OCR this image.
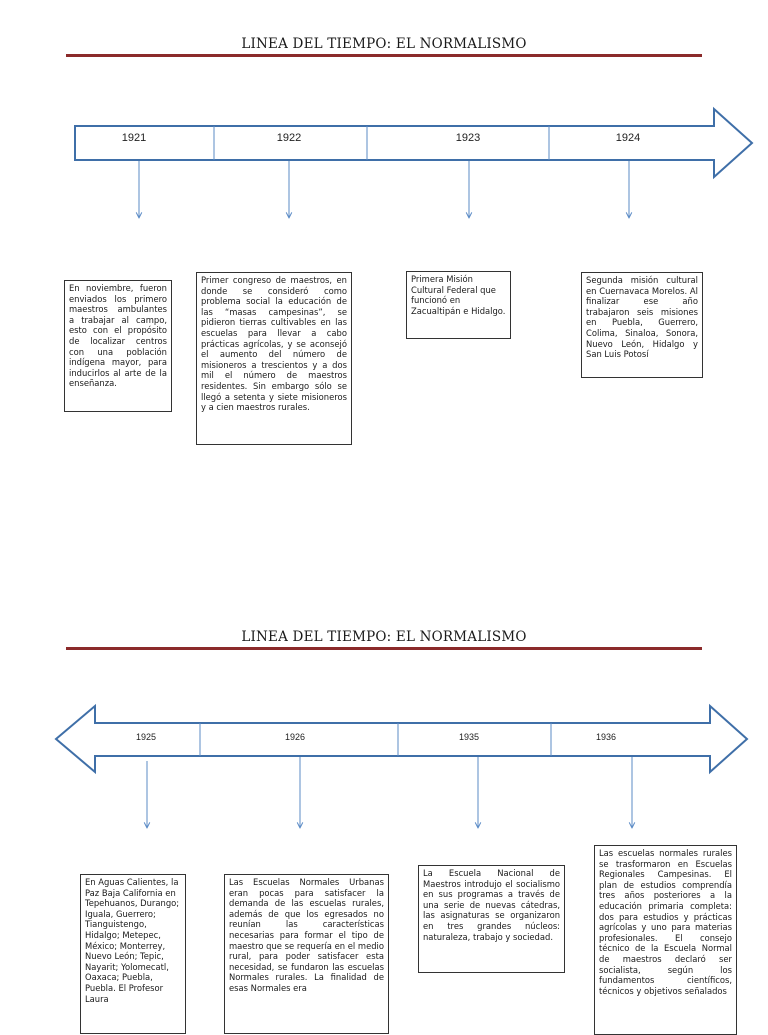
LINEA DEL TIEMPO: EL NORMALISMO
1921	1922	1923	1924
En noviembre, fueron enviados los primero maestros ambulantes a trabajar al campo, esto con el propósito de localizar centros con una población indígena mayor, para inducirlos al arte de la enseñanza.
Primer congreso de maestros, en donde se consideró como problema social la educación de las “masas campesinas”, se pidieron tierras cultivables en las escuelas para llevar a cabo prácticas agrícolas, y se aconsejó el aumento del número de misioneros a trescientos y a dos mil el número de maestros residentes. Sin embargo sólo se llegó a setenta y siete misioneros y a cien maestros rurales.
Primera Misión Cultural Federal que funcionó en Zacualtipán e Hidalgo.
Segunda misión cultural en Cuernavaca Morelos. Al finalizar ese año trabajaron seis misiones en Puebla, Guerrero, Colima, Sinaloa, Sonora, Nuevo León, Hidalgo y San Luis Potosí
LINEA DEL TIEMPO: EL NORMALISMO
1925	1926	1935	1936
En Aguas Calientes, la Paz Baja California en Tepehuanos, Durango; Iguala, Guerrero; Tianguistengo, Hidalgo; Metepec, México; Monterrey, Nuevo León; Tepic, Nayarit; Yolomecatl, Oaxaca; Puebla, Puebla. El Profesor Laura
Las Escuelas Normales Urbanas eran pocas para satisfacer la demanda de las escuelas rurales, además de que los egresados no reunían las características necesarias para formar el tipo de maestro que se requería en el medio rural, para poder satisfacer esta necesidad, se fundaron las escuelas Normales rurales. La finalidad de esas Normales era
La Escuela Nacional de Maestros introdujo el socialismo en sus programas a través de una serie de nuevas cátedras, las asignaturas se organizaron en tres grandes núcleos: naturaleza, trabajo y sociedad.
Las escuelas normales rurales se trasformaron en Escuelas Regionales Campesinas. El plan de estudios comprendía tres años posteriores a la educación primaria completa: dos para estudios y prácticas agrícolas y uno para materias profesionales. El consejo técnico de la Escuela Normal de maestros declaró ser socialista, según los fundamentos científicos, técnicos y objetivos señalados
